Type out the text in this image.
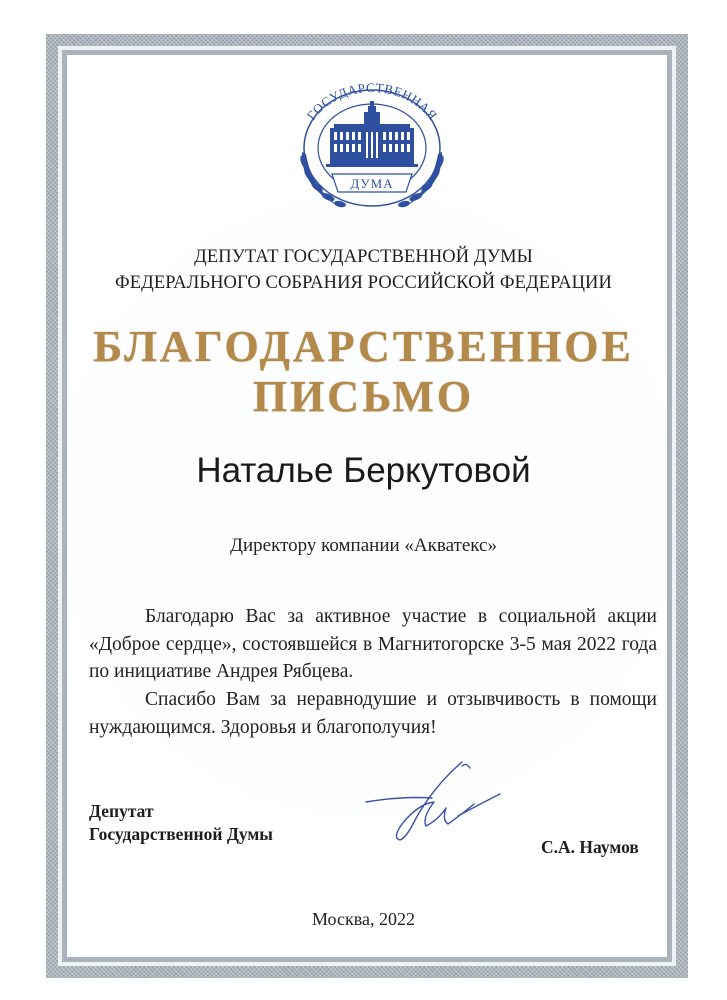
ГОСУДАРСТВЕННАЯ
ДУМА
ДЕПУТАТ ГОСУДАРСТВЕННОЙ ДУМЫ
ФЕДЕРАЛЬНОГО СОБРАНИЯ РОССИЙСКОЙ ФЕДЕРАЦИИ
БЛАГОДАРСТВЕННОЕ
ПИСЬМО
Наталье Беркутовой
Директору компании «Акватекс»
Благодарю Вас за активное участие в социальной акции «Доброе сердце», состоявшейся в Магнитогорске 3-5 мая 2022 года по инициативе Андрея Рябцева.
Спасибо Вам за неравнодушие и отзывчивость в помощи нуждающимся. Здоровья и благополучия!
Депутат
Государственной Думы
С.А. Наумов
Москва, 2022
